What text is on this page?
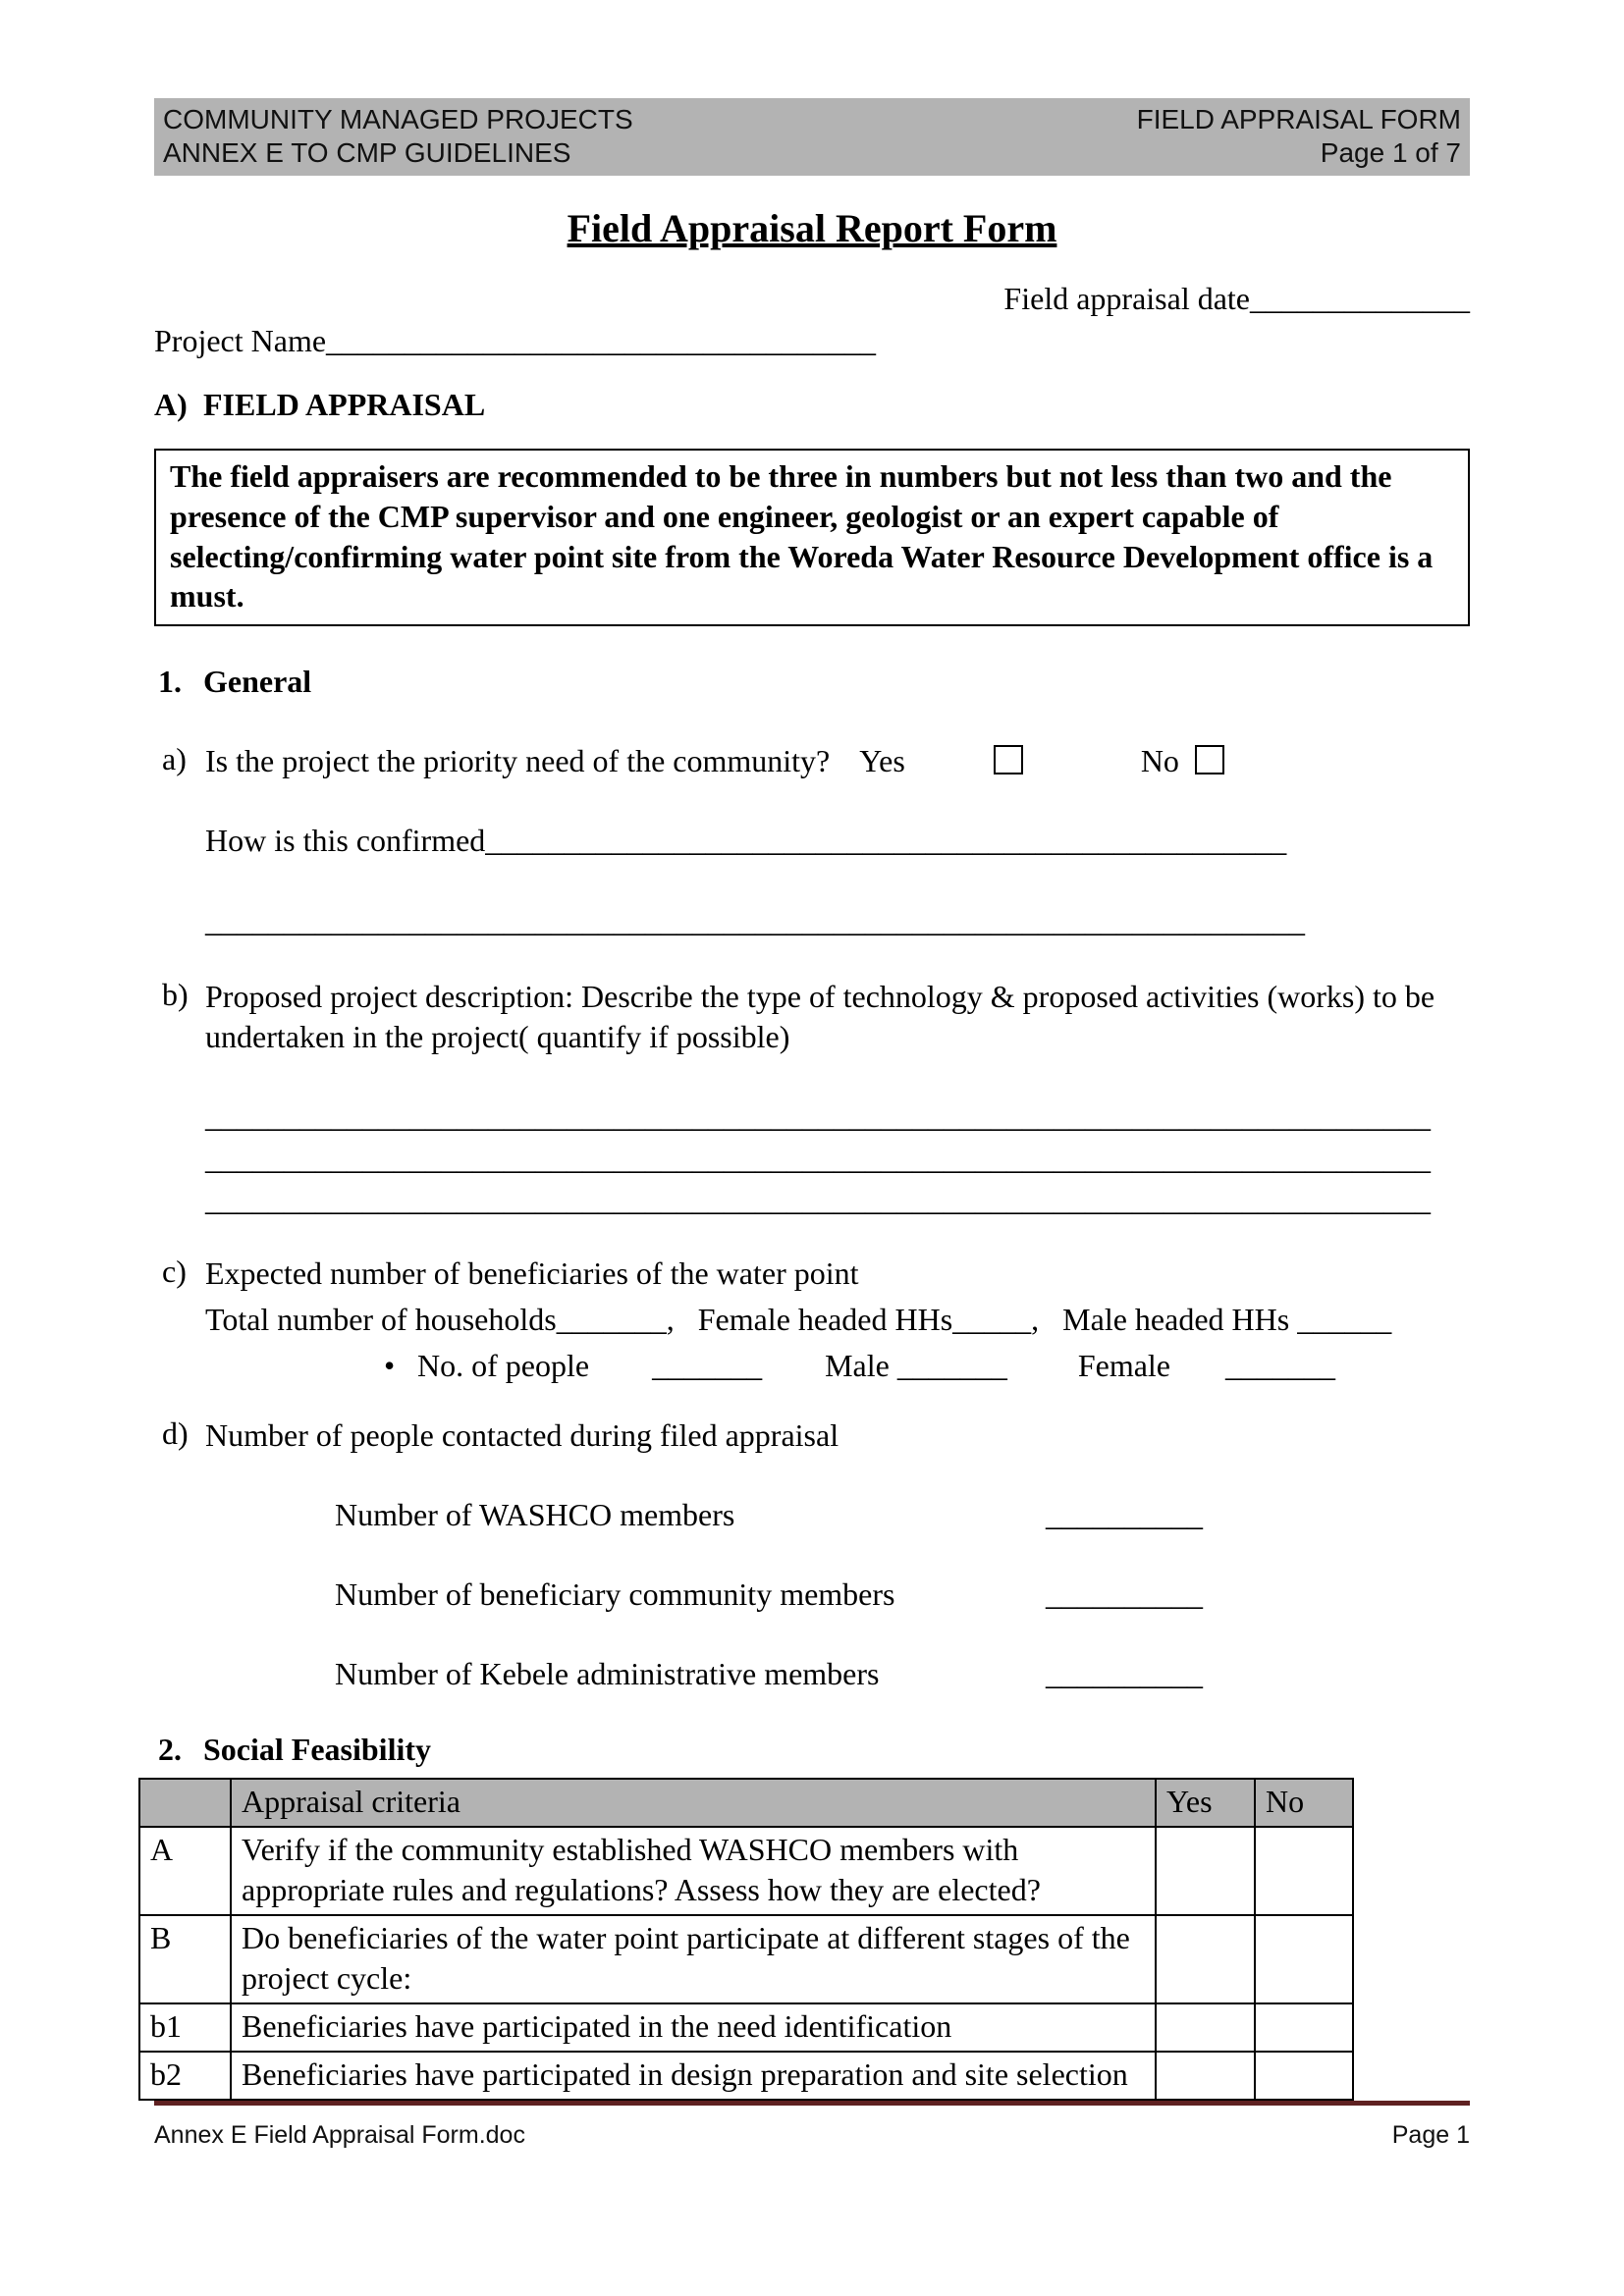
COMMUNITY MANAGED PROJECTS
ANNEX E TO CMP GUIDELINES
FIELD APPRAISAL FORM
Page 1 of 7
Field Appraisal Report Form
Field appraisal date______________
Project Name___________________________________
A) FIELD APPRAISAL
The field appraisers are recommended to be three in numbers but not less than two and the presence of the CMP supervisor and one engineer, geologist or an expert capable of selecting/confirming water point site from the Woreda Water Resource Development office is a must.
1. General
a) Is the project the priority need of the community? Yes	No
How is this confirmed___________________________________________________
______________________________________________________________________
b) Proposed project description: Describe the type of technology & proposed activities (works) to be undertaken in the project( quantify if possible)
______________________________________________________________________________
______________________________________________________________________________
______________________________________________________________________________
c) Expected number of beneficiaries of the water point
Total number of households_______,   Female headed HHs_____,   Male headed HHs ______
• No. of people        _______        Male _______         Female       _______
d) Number of people contacted during filed appraisal
Number of WASHCO members	__________
Number of beneficiary community members	__________
Number of Kebele administrative members	__________
2. Social Feasibility
	Appraisal criteria	Yes	No
A	Verify if the community established WASHCO members with appropriate rules and regulations? Assess how they are elected?		
B	Do beneficiaries of the water point participate at different stages of the project cycle:		
b1	Beneficiaries have participated in the need identification		
b2	Beneficiaries have participated in design preparation and site selection		
Annex E Field Appraisal Form.doc	Page 1
